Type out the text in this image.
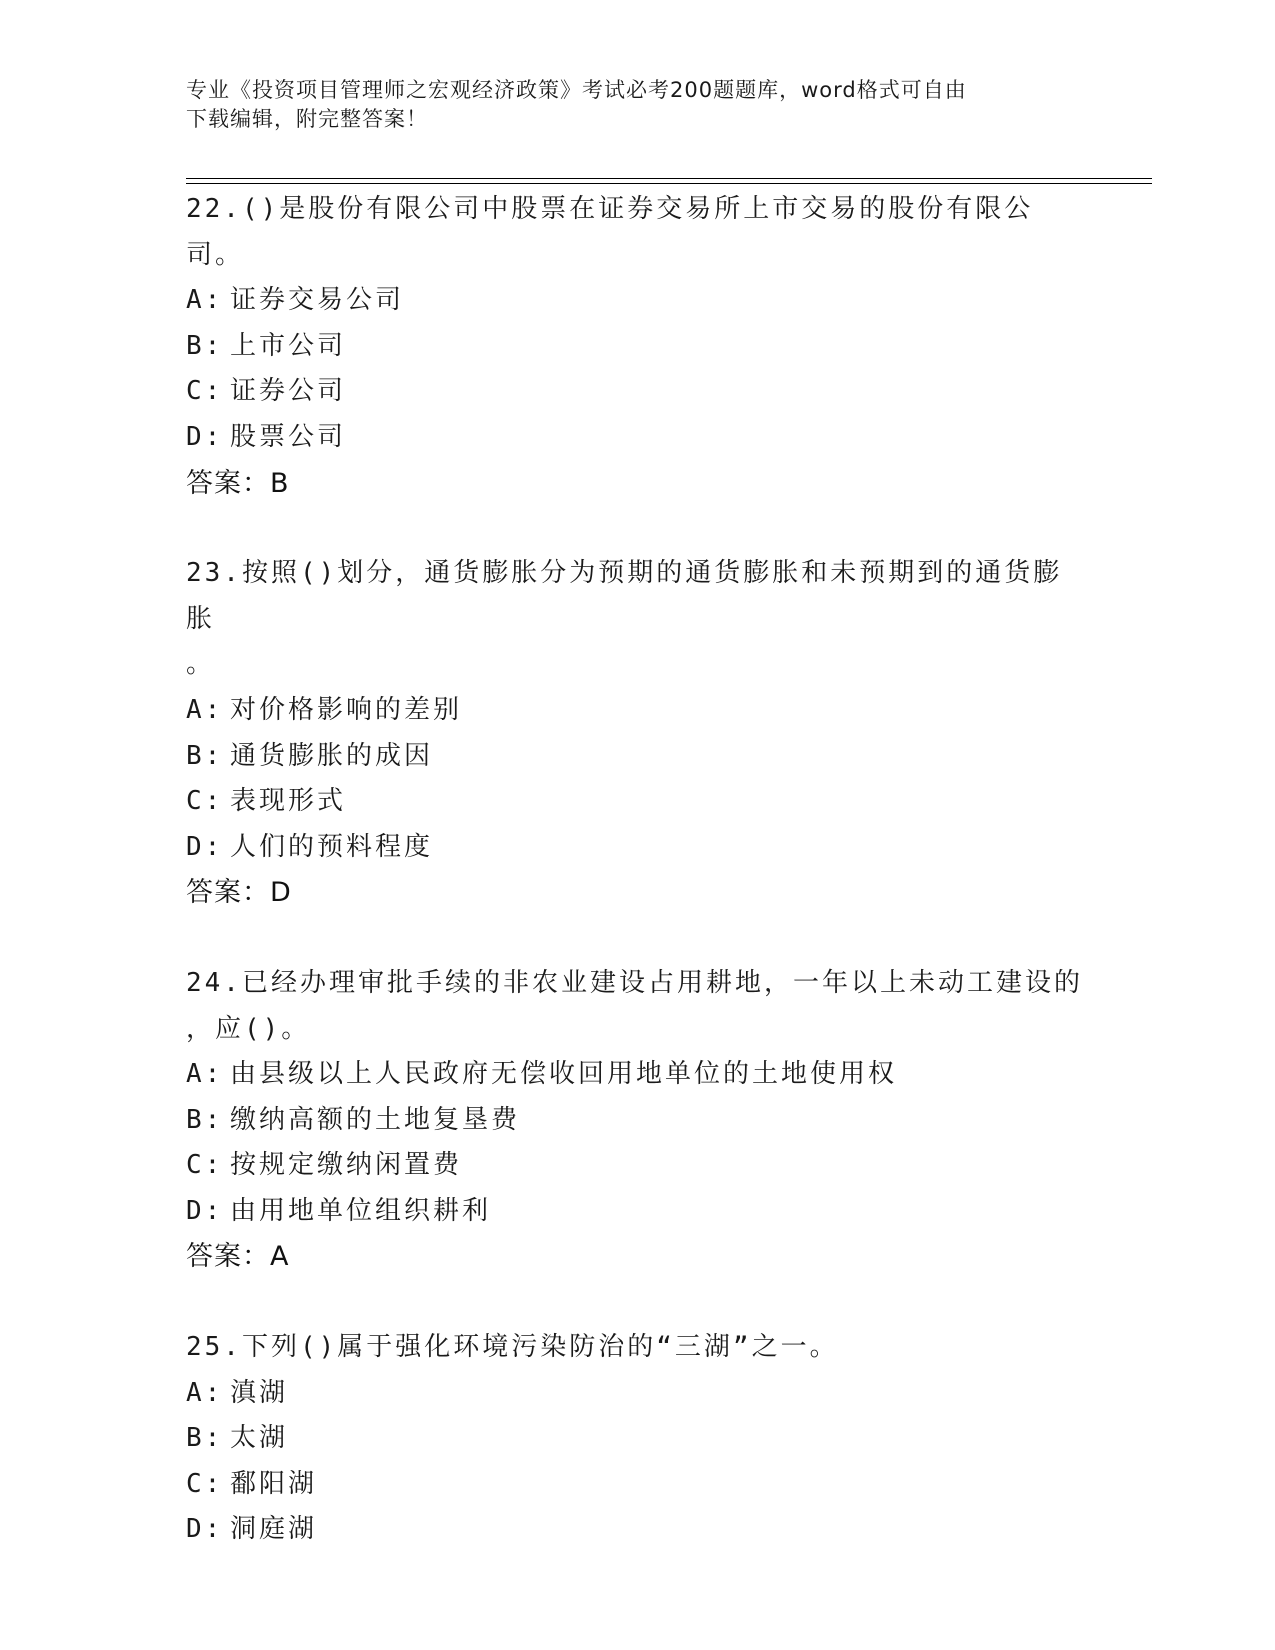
专业《投资项目管理师之宏观经济政策》考试必考200题题库，word格式可自由
下载编辑，附完整答案！
22.()是股份有限公司中股票在证券交易所上市交易的股份有限公司。
A: 证券交易公司
B: 上市公司
C: 证券公司
D: 股票公司
答案：B
23.按照()划分，通货膨胀分为预期的通货膨胀和未预期到的通货膨胀
。
A: 对价格影响的差别
B: 通货膨胀的成因
C: 表现形式
D: 人们的预料程度
答案：D
24.已经办理审批手续的非农业建设占用耕地，一年以上未动工建设的
，应()。
A: 由县级以上人民政府无偿收回用地单位的土地使用权
B: 缴纳高额的土地复垦费
C: 按规定缴纳闲置费
D: 由用地单位组织耕利
答案：A
25.下列()属于强化环境污染防治的“三湖”之一。
A: 滇湖
B: 太湖
C: 鄱阳湖
D: 洞庭湖
